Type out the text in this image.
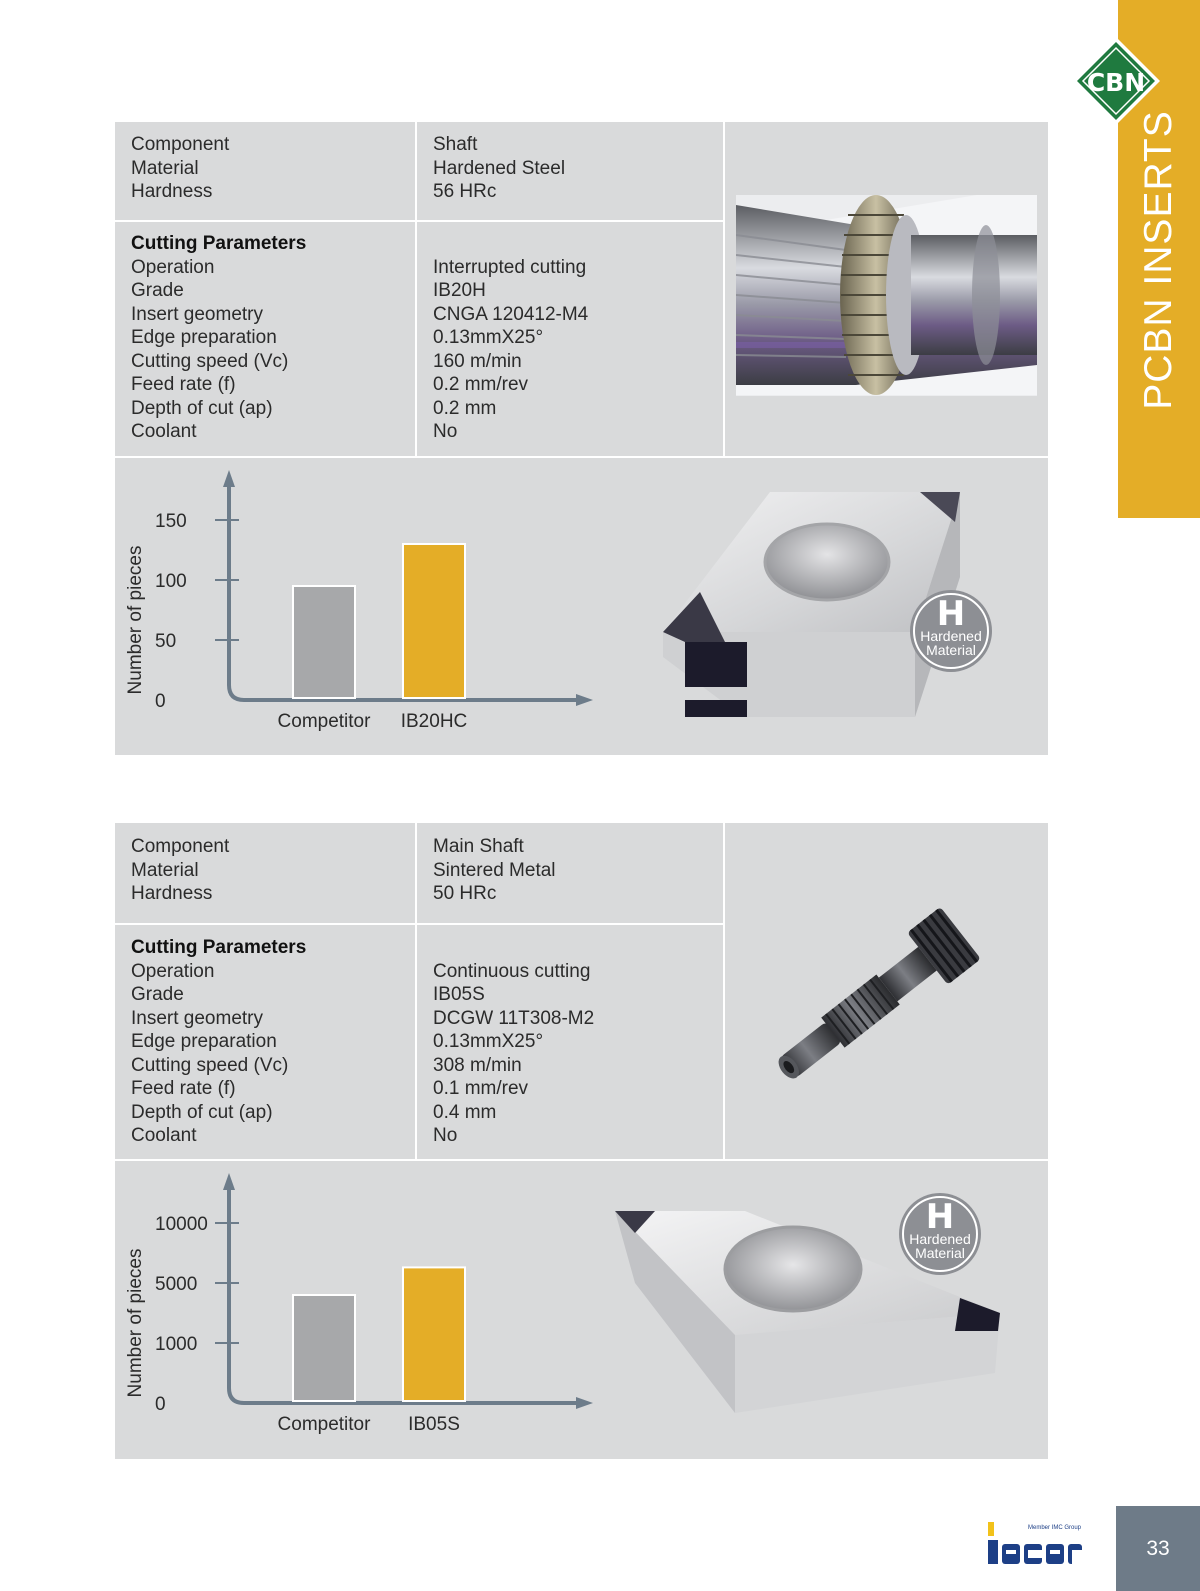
PCBN INSERTS
CBN
Component
Material
Hardness
Shaft
Hardened Steel
56 HRc
Cutting Parameters
Operation
Grade
Insert geometry
Edge preparation
Cutting speed (Vc)
Feed rate (f)
Depth of cut (ap)
Coolant
Interrupted cutting
IB20H
CNGA 120412-M4
0.13mmX25°
160 m/min
0.2 mm/rev
0.2 mm
No
0
50
100
150
Competitor IB20HC
Number of pieces	H
Hardened
Material
Component
Material
Hardness
Main Shaft
Sintered Metal
50 HRc
Cutting Parameters
Operation
Grade
Insert geometry
Edge preparation
Cutting speed (Vc)
Feed rate (f)
Depth of cut (ap)
Coolant
Continuous cutting
IB05S
DCGW 11T308-M2
0.13mmX25°
308 m/min
0.1 mm/rev
0.4 mm
No
0
1000
5000
10000
Competitor IB05S
Number of pieces
H
Hardened
Material
Member IMC Group
33
